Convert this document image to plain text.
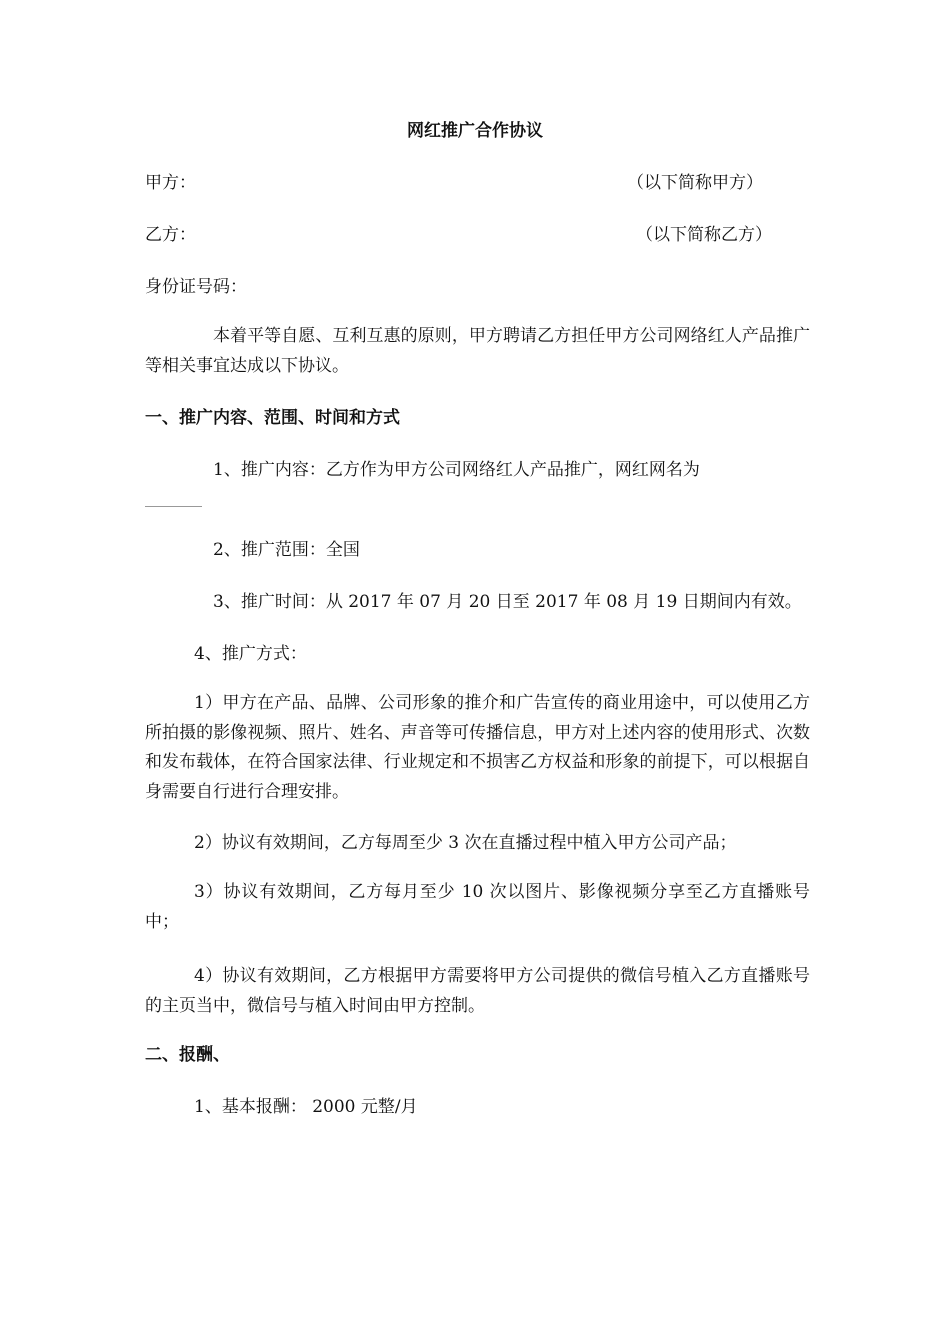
网红推广合作协议
甲方：	（以下简称甲方）
乙方：	（以下简称乙方）
身份证号码：
本着平等自愿、互利互惠的原则，甲方聘请乙方担任甲方公司网络红人产品推广等相关事宜达成以下协议。
一、推广内容、范围、时间和方式
1、推广内容：乙方作为甲方公司网络红人产品推广，网红网名为
2、推广范围：全国
3、推广时间：从 2017 年 07 月 20 日至 2017 年 08 月 19 日期间内有效。
4、推广方式：
1）甲方在产品、品牌、公司形象的推介和广告宣传的商业用途中，可以使用乙方所拍摄的影像视频、照片、姓名、声音等可传播信息，甲方对上述内容的使用形式、次数和发布载体，在符合国家法律、行业规定和不损害乙方权益和形象的前提下，可以根据自身需要自行进行合理安排。
2）协议有效期间，乙方每周至少 3 次在直播过程中植入甲方公司产品；
3）协议有效期间，乙方每月至少 10 次以图片、影像视频分享至乙方直播账号中；
4）协议有效期间，乙方根据甲方需要将甲方公司提供的微信号植入乙方直播账号的主页当中，微信号与植入时间由甲方控制。
二、报酬、
1、基本报酬： 2000 元整/月
